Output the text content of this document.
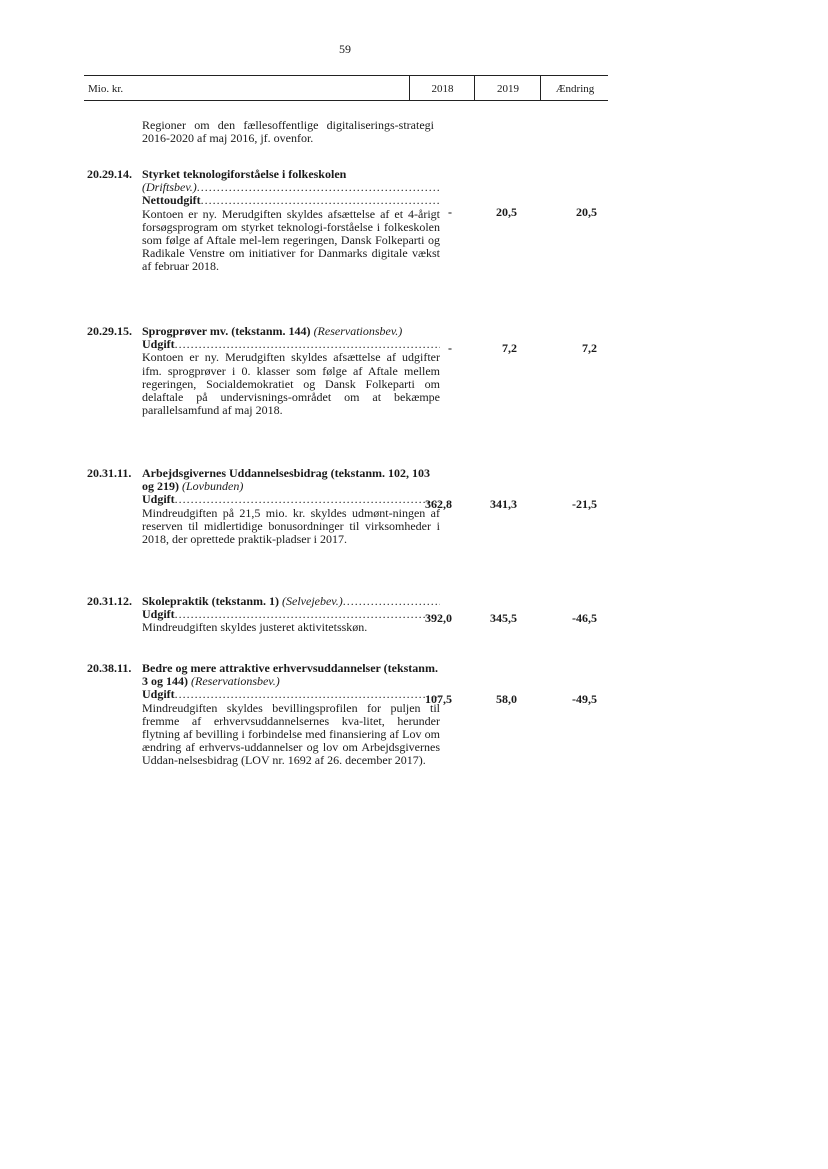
59
Mio. kr.	2018	2019	Ændring
Regioner om den fællesoffentlige digitaliserings-strategi 2016-2020 af maj 2016, jf. ovenfor.
20.29.14. Styrket teknologiforståelse i folkeskolen
(Driftsbev.)
.....
Nettoudgift
.....
Kontoen er ny. Merudgiften skyldes afsættelse af et 4-årigt forsøgsprogram om styrket teknologi-forståelse i folkeskolen som følge af Aftale mel-lem regeringen, Dansk Folkeparti og Radikale Venstre om initiativer for Danmarks digitale vækst af februar 2018.
-	20,5	20,5
20.29.15. Sprogprøver mv. (tekstanm. 144) (Reservationsbev.)
Udgift
.....
Kontoen er ny. Merudgiften skyldes afsættelse af udgifter ifm. sprogprøver i 0. klasser som følge af Aftale mellem regeringen, Socialdemokratiet og Dansk Folkeparti om delaftale på undervisnings-området om at bekæmpe parallelsamfund af maj 2018.
-	7,2	7,2
20.31.11. Arbejdsgivernes Uddannelsesbidrag (tekstanm. 102, 103 og 219) (Lovbunden)
Udgift
.....
Mindreudgiften på 21,5 mio. kr. skyldes udmønt-ningen af reserven til midlertidige bonusordninger til virksomheder i 2018, der oprettede praktik-pladser i 2017.
362,8	341,3	-21,5
20.31.12. Skolepraktik (tekstanm. 1)
(Selvejebev.)
.....
Udgift
.....
Mindreudgiften skyldes justeret aktivitetsskøn.
392,0	345,5	-46,5
20.38.11. Bedre og mere attraktive erhvervsuddannelser (tekstanm. 3 og 144) (Reservationsbev.)
Udgift
.....
Mindreudgiften skyldes bevillingsprofilen for puljen til fremme af erhvervsuddannelsernes kva-litet, herunder flytning af bevilling i forbindelse med finansiering af Lov om ændring af erhvervs-uddannelser og lov om Arbejdsgivernes Uddan-nelsesbidrag (LOV nr. 1692 af 26. december 2017).
107,5	58,0	-49,5
